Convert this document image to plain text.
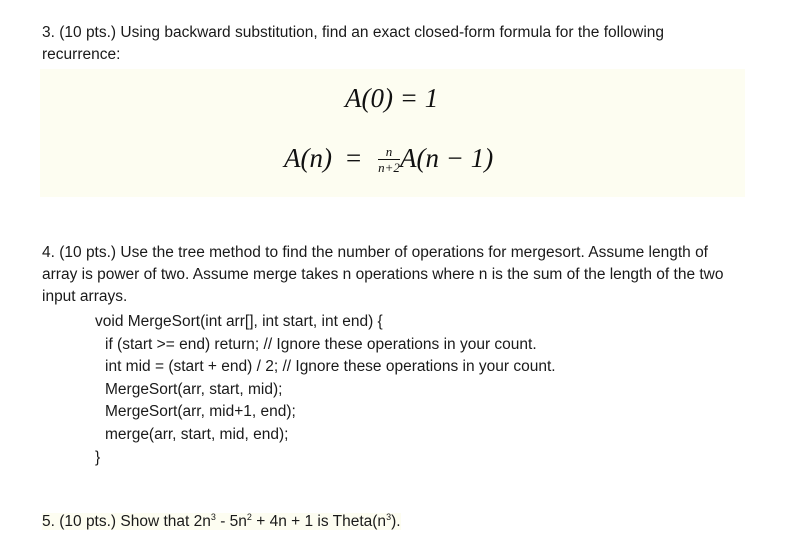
3. (10 pts.) Using backward substitution, find an exact closed-form formula for the following recurrence:
A(0) = 1
$A(n) = \frac{n}{n+2} A(n - 1)$
4. (10 pts.) Use the tree method to find the number of operations for mergesort. Assume length of array is power of two. Assume merge takes n operations where n is the sum of the length of the two input arrays.
void MergeSort(int arr[], int start, int end) {
if (start >= end) return; // Ignore these operations in your count.
int mid = (start + end) / 2; // Ignore these operations in your count.
MergeSort(arr, start, mid);
MergeSort(arr, mid+1, end);
merge(arr, start, mid, end);
}
5. (10 pts.) Show that $2n^3 - 5n^2 + 4n + 1$ is $Theta(n^3)$.
